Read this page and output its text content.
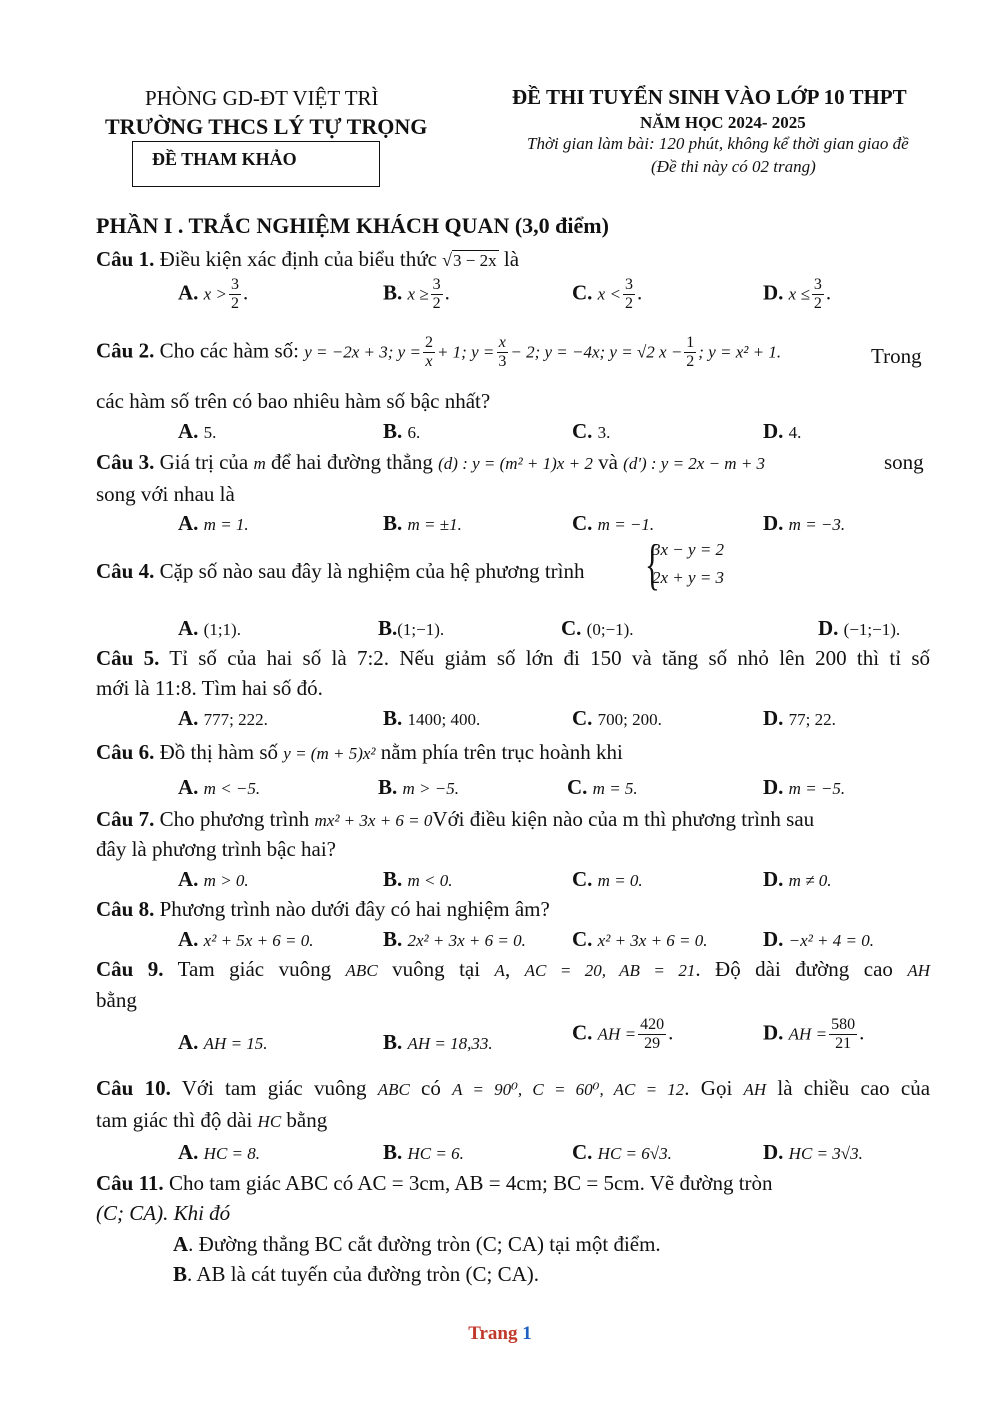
PHÒNG GD-ĐT VIỆT TRÌ
TRƯỜNG THCS LÝ TỰ TRỌNG
ĐỀ THAM KHẢO
ĐỀ THI TUYỂN SINH VÀO LỚP 10 THPT
NĂM HỌC 2024- 2025
Thời gian làm bài: 120 phút, không kể thời gian giao đề
(Đề thi này có 02 trang)
PHẦN I . TRẮC NGHIỆM KHÁCH QUAN (3,0 điểm)
Câu 1. Điều kiện xác định của biểu thức √3 − 2x là
A. $x > \frac{3}{2}$ .	B. $x \ge \frac{3}{2}$ .	C. $x < \frac{3}{2}$ .	D. $x \le \frac{3}{2}$ .
Câu 2. Cho các hàm số: y = −2x + 3; $y = \frac{2}{x} + 1$; $y = \frac{x}{3} - 2$; y = −4x; y = √2 $x - \frac{1}{2}$ ; y = x² + 1.	Trong
các hàm số trên có bao nhiêu hàm số bậc nhất?
A. 5.	B. 6.	C. 3.	D. 4.
Câu 3. Giá trị của m để hai đường thẳng (d) : y = (m² + 1)x + 2 và (d') : y = 2x − m + 3	song
song với nhau là
A. m = 1.	B. m = ±1.	C. m = −1.	D. m = −3.
Câu 4. Cặp số nào sau đây là nghiệm của hệ phương trình {
3x − y = 2
2x + y = 3
A. (1;1).	B.(1;−1).	C. (0;−1).	D. (−1;−1).
Câu 5. Tỉ số của hai số là 7:2. Nếu giảm số lớn đi 150 và tăng số nhỏ lên 200 thì tỉ số
mới là 11:8. Tìm hai số đó.
A. 777; 222.	B. 1400; 400.	C. 700; 200.	D. 77; 22.
Câu 6. Đồ thị hàm số y = (m + 5)x² nằm phía trên trục hoành khi
A. m < −5.	B. m > −5.	C. m = 5.	D. m = −5.
Câu 7. Cho phương trình mx² + 3x + 6 = 0Với điều kiện nào của m thì phương trình sau
đây là phương trình bậc hai?
A. m > 0.	B. m < 0.	C. m = 0.	D. m ≠ 0.
Câu 8. Phương trình nào dưới đây có hai nghiệm âm?
A. x² + 5x + 6 = 0.	B. 2x² + 3x + 6 = 0. C. x² + 3x + 6 = 0.	D. −x² + 4 = 0.
Câu 9. Tam giác vuông ABC vuông tại A, AC = 20, AB = 21. Độ dài đường cao AH
bằng
A. AH = 15.	B. AH = 18,33.	C. AH = $\frac{420}{29}$ .	D. AH = $\frac{580}{21}$ .
Câu 10. Với tam giác vuông ABC có A = 90⁰, C = 60⁰, AC = 12. Gọi AH là chiều cao của
tam giác thì độ dài HC bằng
A. HC = 8.	B. HC = 6.	C. HC = 6√3.	D. HC = 3√3.
Câu 11. Cho tam giác ABC có AC = 3cm, AB = 4cm; BC = 5cm. Vẽ đường tròn
(C; CA). Khi đó
A. Đường thẳng BC cắt đường tròn (C; CA) tại một điểm.
B. AB là cát tuyến của đường tròn (C; CA).
Trang 1
